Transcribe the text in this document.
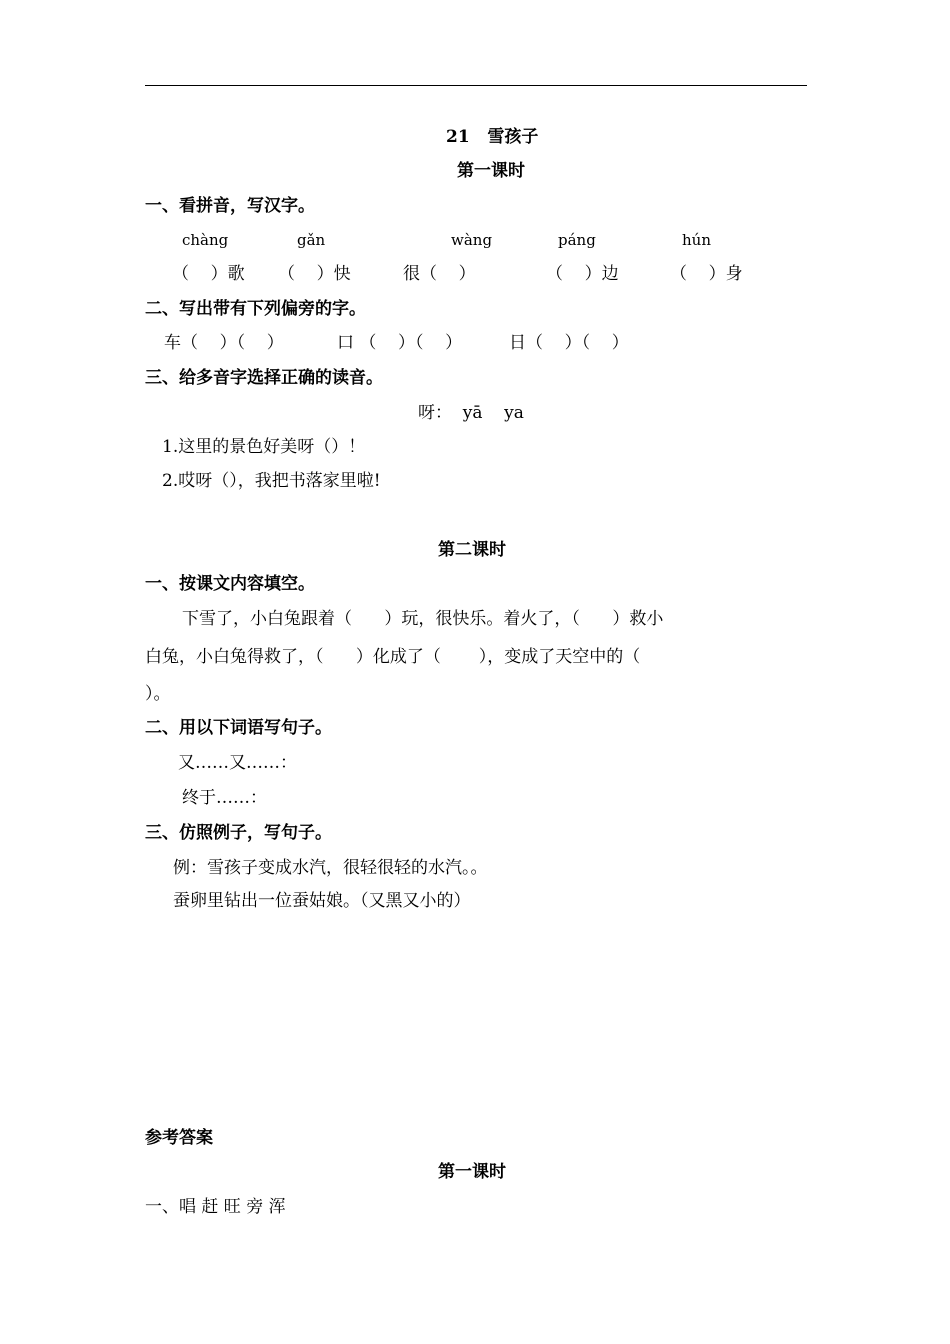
21   雪孩子
第一课时
一、看拼音，写汉字。
chàng	gǎn	wàng	páng	hún
（    ）歌 （    ）快	很（    ）	（    ）边	（    ）身
二、写出带有下列偏旁的字。
车（    ）（    ）	口 （    ）（    ）	日（    ）（    ）
三、给多音字选择正确的读音。
呀：  yā    ya
1.这里的景色好美呀（）！
2.哎呀（），我把书落家里啦!
第二课时
一、按课文内容填空。
下雪了，小白兔跟着（      ）玩，很快乐。着火了，（      ）救小
白兔，小白兔得救了，（      ）化成了（       ），变成了天空中的（
）。
二、用以下词语写句子。
又……又……：
终于……：
三、仿照例子，写句子。
例：雪孩子变成水汽，很轻很轻的水汽。。
蚕卵里钻出一位蚕姑娘。（又黑又小的）
参考答案
第一课时
一、唱 赶 旺 旁 浑
